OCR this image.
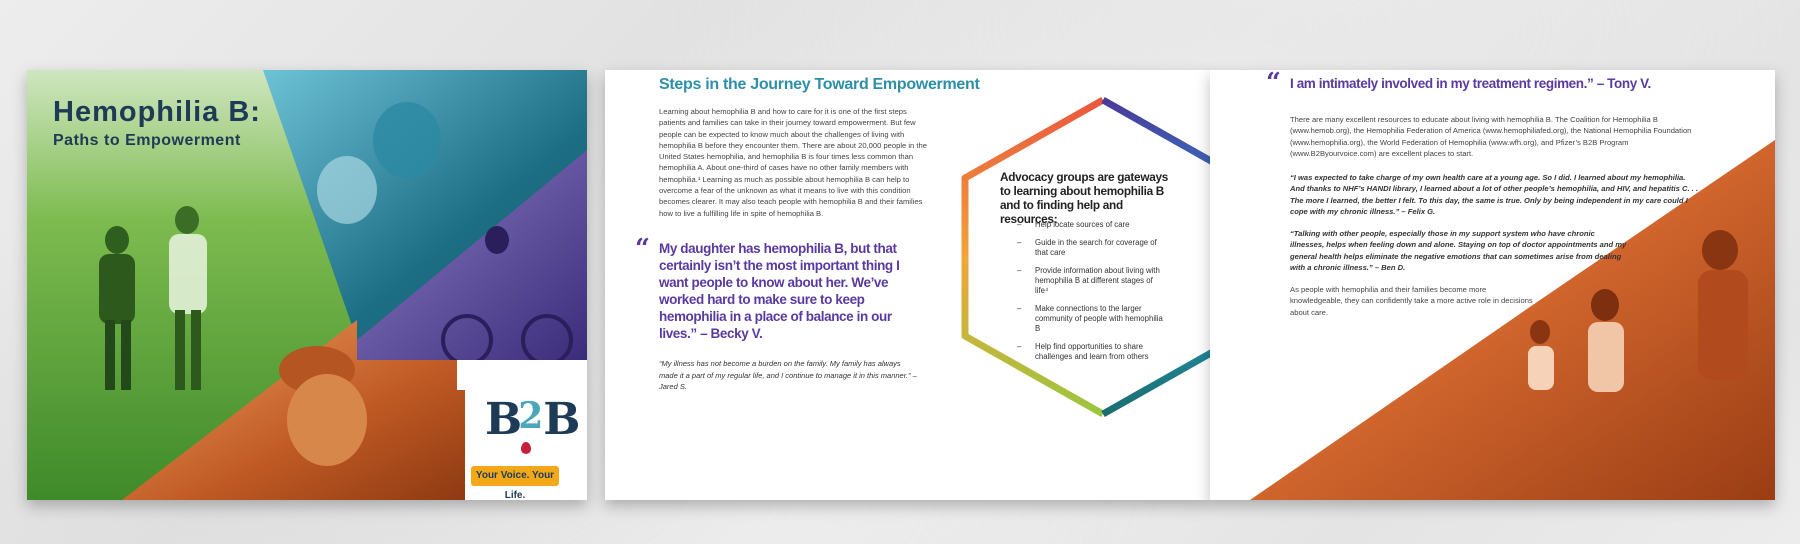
Hemophilia B:
Paths to Empowerment
B2B
Your Voice. Your Life.
Steps in the Journey Toward Empowerment
Learning about hemophilia B and how to care for it is one of the first steps patients and families can take in their journey toward empowerment. But few people can be expected to know much about the challenges of living with hemophilia B before they encounter them. There are about 20,000 people in the United States hemophilia, and hemophilia B is four times less common than hemophilia A. About one-third of cases have no other family members with hemophilia.¹ Learning as much as possible about hemophilia B can help to overcome a fear of the unknown as what it means to live with this condition becomes clearer. It may also teach people with hemophilia B and their families how to live a fulfilling life in spite of hemophilia B.
“ My daughter has hemophilia B, but that certainly isn’t the most important thing I want people to know about her. We’ve worked hard to make sure to keep hemophilia in a place of balance in our lives.” – Becky V.
“My illness has not become a burden on the family. My family has always made it a part of my regular life, and I continue to manage it in this manner.” – Jared S.
Advocacy groups are gateways to learning about hemophilia B and to finding help and resources:
– Help locate sources of care
– Guide in the search for coverage of that care
– Provide information about living with hemophilia B at different stages of life⁴
– Make connections to the larger community of people with hemophilia B
– Help find opportunities to share challenges and learn from others
“ I am intimately involved in my treatment regimen.” – Tony V.
There are many excellent resources to educate about living with hemophilia B. The Coalition for Hemophilia B (www.hemob.org), the Hemophilia Federation of America (www.hemophiliafed.org), the National Hemophilia Foundation (www.hemophilia.org), the World Federation of Hemophilia (www.wfh.org), and Pfizer’s B2B Program (www.B2Byourvoice.com) are excellent places to start.
“I was expected to take charge of my own health care at a young age. So I did. I learned about my hemophilia. And thanks to NHF’s HANDI library, I learned about a lot of other people’s hemophilia, and HIV, and hepatitis C. . . The more I learned, the better I felt. To this day, the same is true. Only by being independent in my care could I cope with my chronic illness.” – Felix G.
“Talking with other people, especially those in my support system who have chronic illnesses, helps when feeling down and alone. Staying on top of doctor appointments and my general health helps eliminate the negative emotions that can sometimes arise from dealing with a chronic illness.” – Ben D.
As people with hemophilia and their families become more knowledgeable, they can confidently take a more active role in decisions about care.
